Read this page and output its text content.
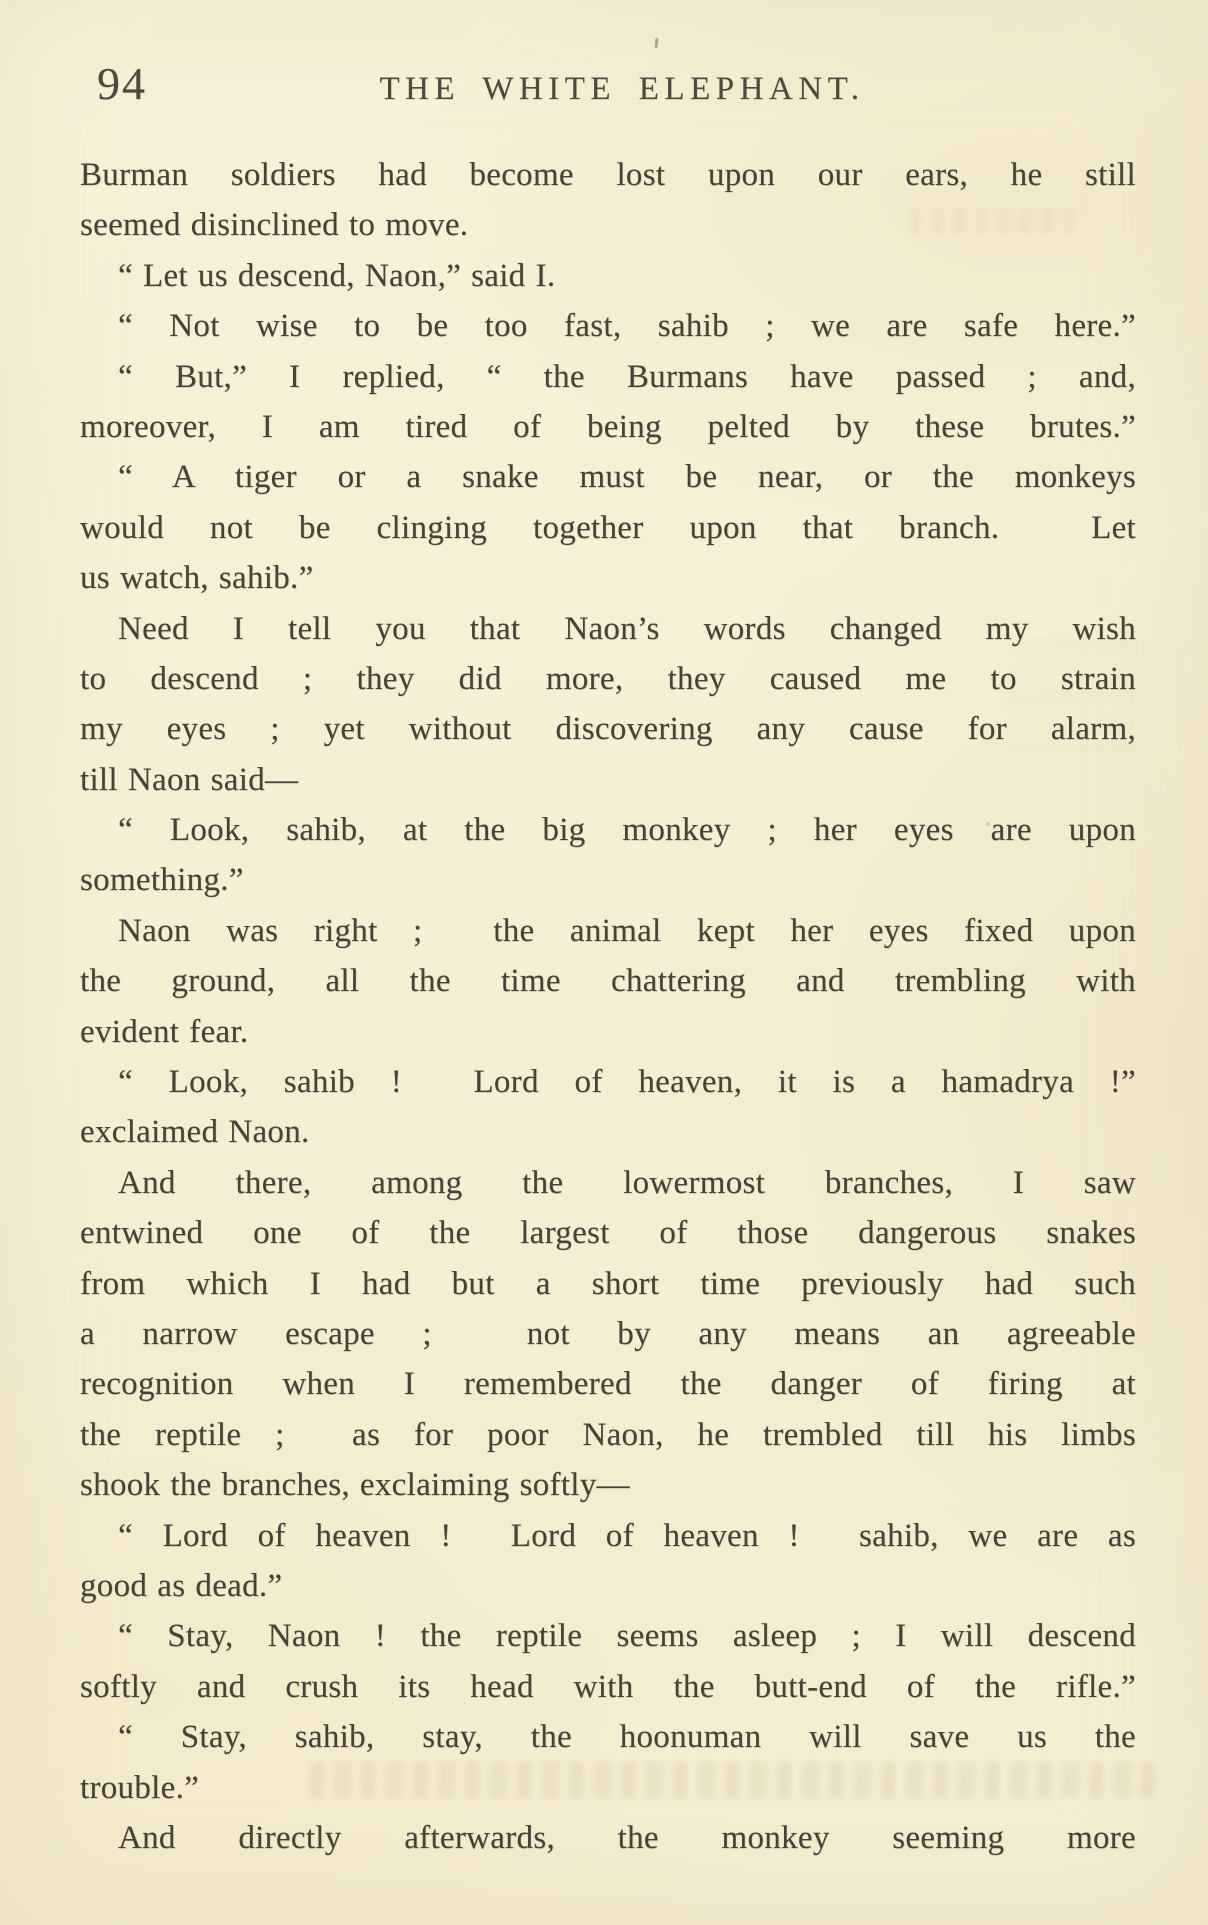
94	THE WHITE ELEPHANT.
Burman soldiers had become lost upon our ears, he still
seemed disinclined to move.
“ Let us descend, Naon,” said I.
“ Not wise to be too fast, sahib ; we are safe here.”
“ But,” I replied, “ the Burmans have passed ; and,
moreover, I am tired of being pelted by these brutes.”
“ A tiger or a snake must be near, or the monkeys
would not be clinging together upon that branch.  Let
us watch, sahib.”
Need I tell you that Naon’s words changed my wish
to descend ; they did more, they caused me to strain
my eyes ; yet without discovering any cause for alarm,
till Naon said—
“ Look, sahib, at the big monkey ; her eyes are upon
something.”
Naon was right ;  the animal kept her eyes fixed upon
the ground, all the time chattering and trembling with
evident fear.
“ Look, sahib !  Lord of heaven, it is a hamadrya !”
exclaimed Naon.
And there, among the lowermost branches, I saw
entwined one of the largest of those dangerous snakes
from which I had but a short time previously had such
a narrow escape ;  not by any means an agreeable
recognition when I remembered the danger of firing at
the reptile ;  as for poor Naon, he trembled till his limbs
shook the branches, exclaiming softly—
“ Lord of heaven !  Lord of heaven !  sahib, we are as
good as dead.”
“ Stay, Naon ! the reptile seems asleep ; I will descend
softly and crush its head with the butt-end of the rifle.”
“ Stay, sahib, stay, the hoonuman will save us the
trouble.”
And directly afterwards, the monkey seeming more
